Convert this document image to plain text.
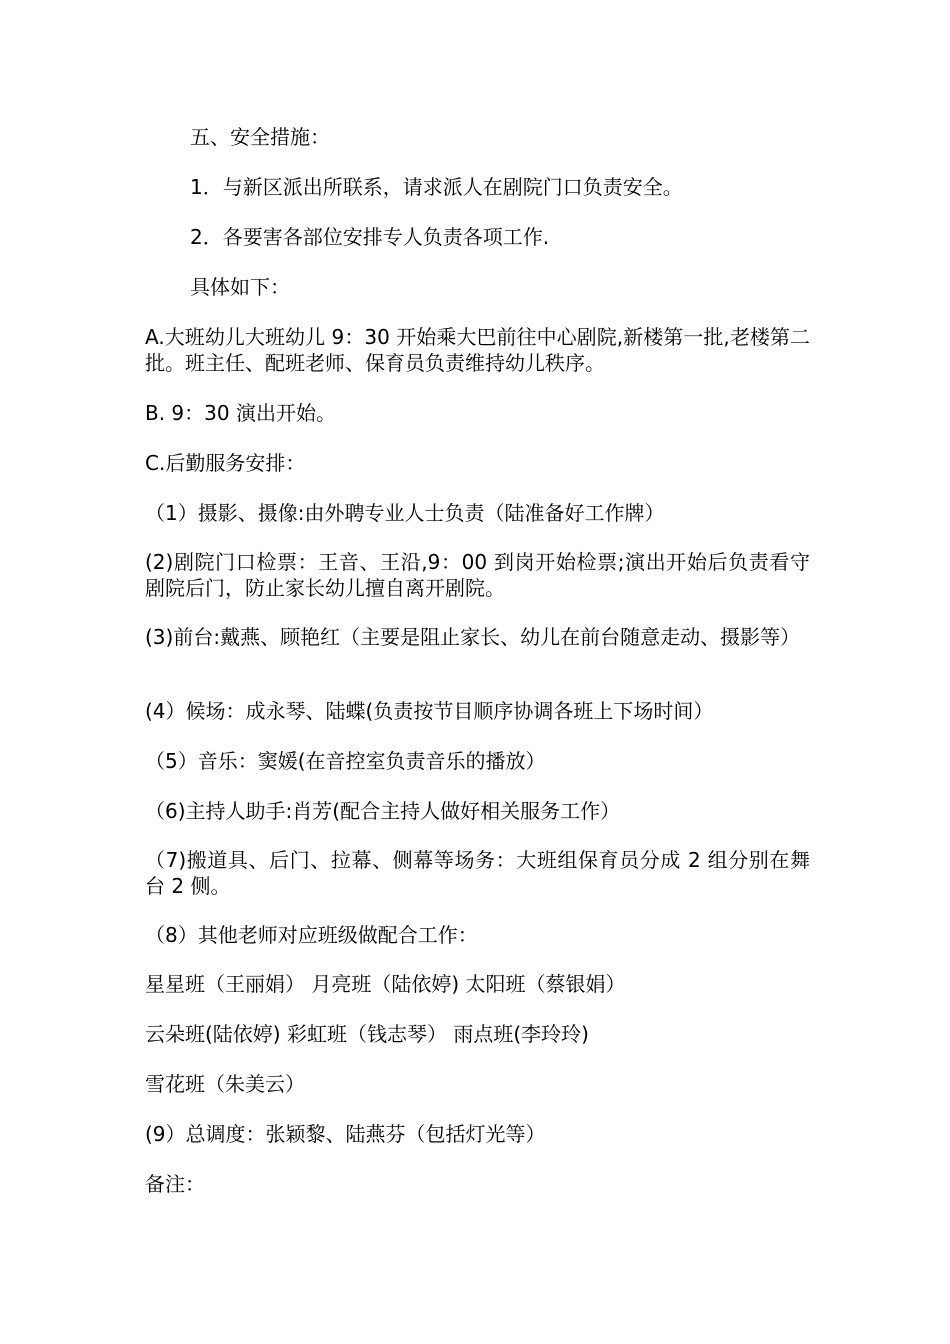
五、安全措施：

1．与新区派出所联系，请求派人在剧院门口负责安全。

2．各要害各部位安排专人负责各项工作.

具体如下：

A.大班幼儿大班幼儿 9：30 开始乘大巴前往中心剧院,新楼第一批,老楼第二批。班主任、配班老师、保育员负责维持幼儿秩序。

B. 9：30 演出开始。

C.后勤服务安排：

（1）摄影、摄像:由外聘专业人士负责（陆准备好工作牌）

(2)剧院门口检票：王音、王沿,9：00 到岗开始检票;演出开始后负责看守剧院后门，防止家长幼儿擅自离开剧院。

(3)前台:戴燕、顾艳红（主要是阻止家长、幼儿在前台随意走动、摄影等）

(4）候场：成永琴、陆蝶(负责按节目顺序协调各班上下场时间）

（5）音乐：窦媛(在音控室负责音乐的播放）

（6)主持人助手:肖芳(配合主持人做好相关服务工作）

（7)搬道具、后门、拉幕、侧幕等场务：大班组保育员分成 2 组分别在舞台 2 侧。

（8）其他老师对应班级做配合工作：

星星班（王丽娟） 月亮班（陆依婷) 太阳班（蔡银娟）

云朵班(陆依婷) 彩虹班（钱志琴） 雨点班(李玲玲)

雪花班（朱美云）

(9）总调度：张颖黎、陆燕芬（包括灯光等）

备注：
